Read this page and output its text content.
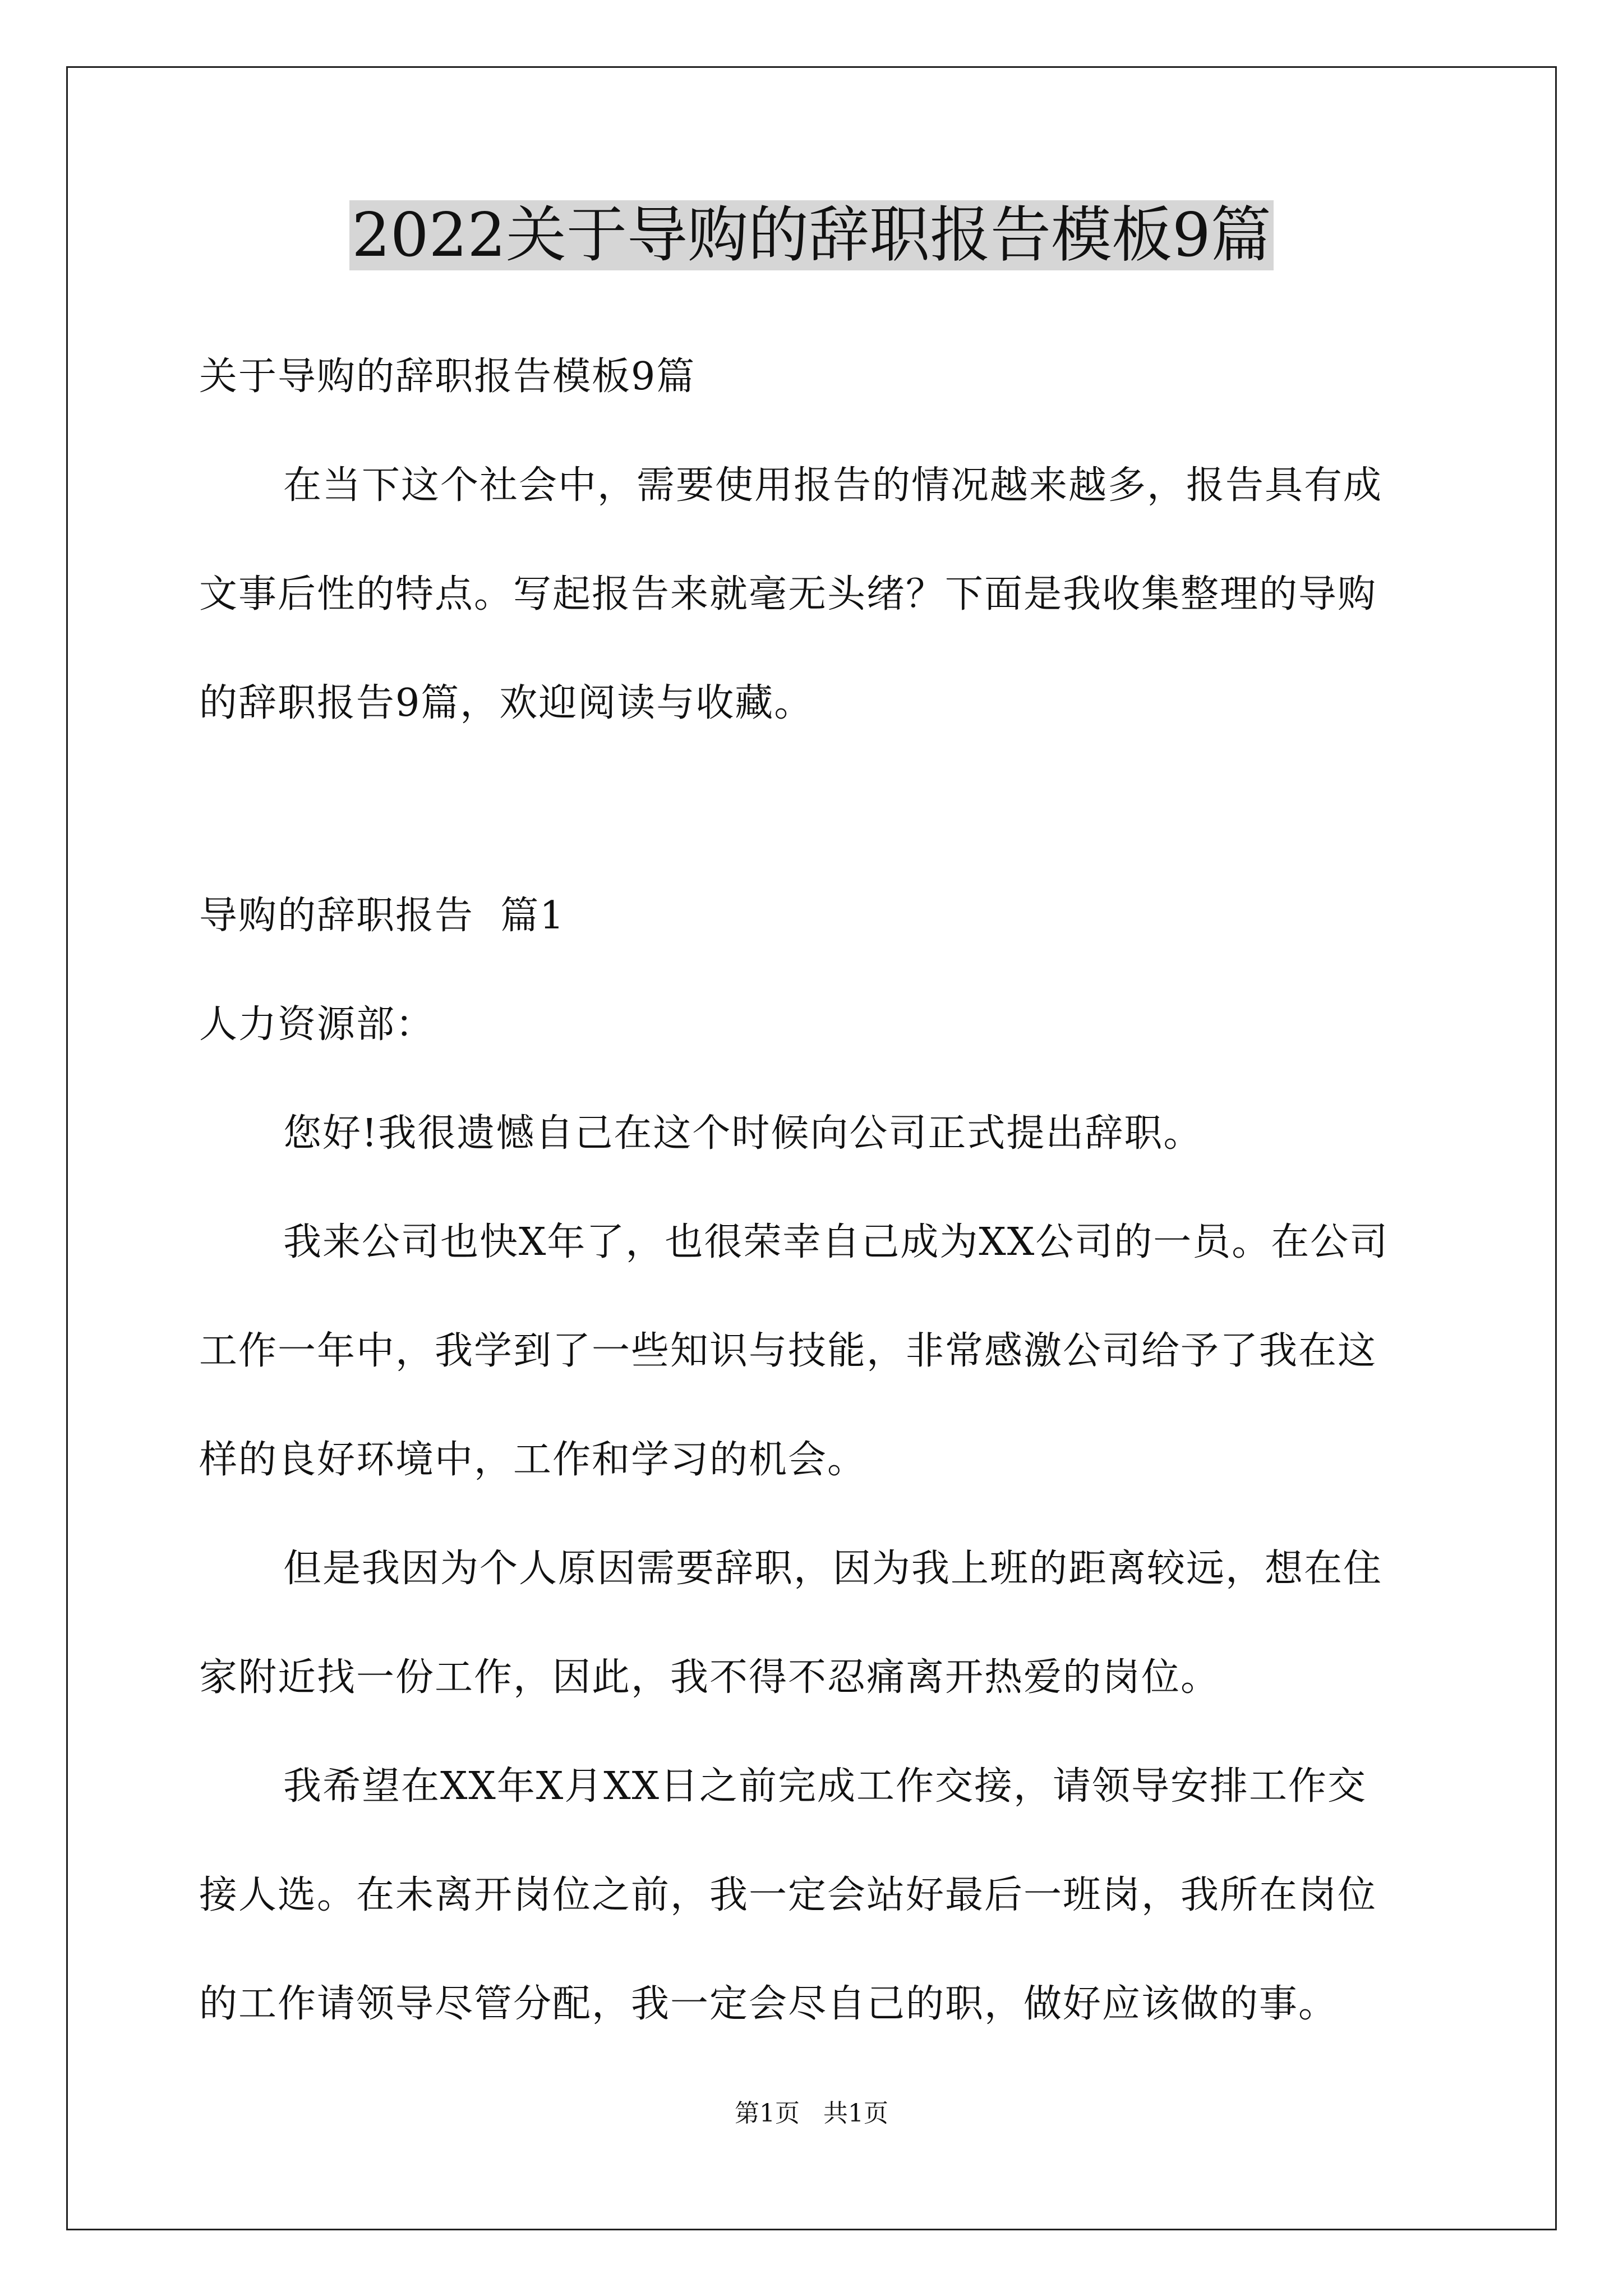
2022关于导购的辞职报告模板9篇
关于导购的辞职报告模板9篇
在当下这个社会中，需要使用报告的情况越来越多，报告具有成
文事后性的特点。写起报告来就毫无头绪？下面是我收集整理的导购
的辞职报告9篇，欢迎阅读与收藏。
导购的辞职报告  篇1
人力资源部：
您好!我很遗憾自己在这个时候向公司正式提出辞职。
我来公司也快X年了，也很荣幸自己成为XX公司的一员。在公司
工作一年中，我学到了一些知识与技能，非常感激公司给予了我在这
样的良好环境中，工作和学习的机会。
但是我因为个人原因需要辞职，因为我上班的距离较远，想在住
家附近找一份工作，因此，我不得不忍痛离开热爱的岗位。
我希望在XX年X月XX日之前完成工作交接，请领导安排工作交
接人选。在未离开岗位之前，我一定会站好最后一班岗，我所在岗位
的工作请领导尽管分配，我一定会尽自己的职，做好应该做的事。
第1页   共1页
